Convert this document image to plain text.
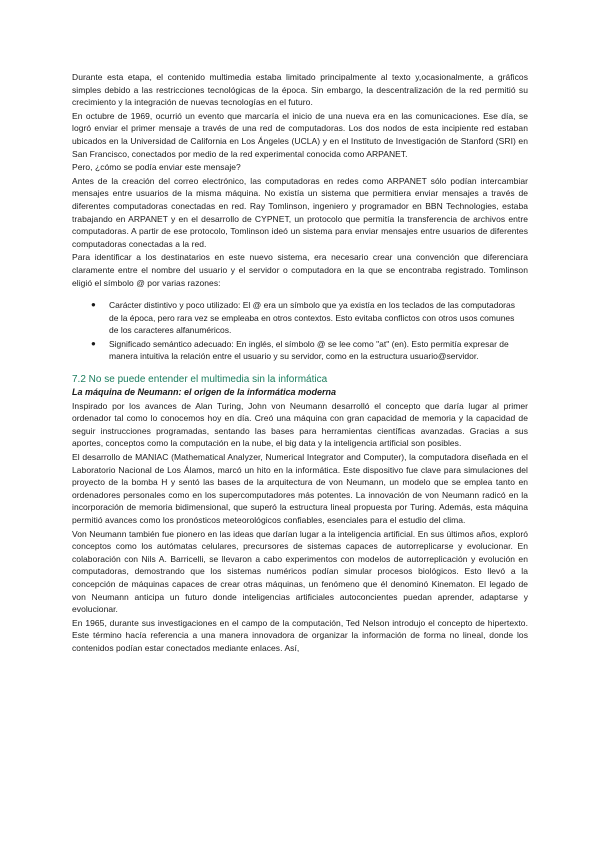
Durante esta etapa, el contenido multimedia estaba limitado principalmente al texto y,ocasionalmente, a gráficos simples debido a las restricciones tecnológicas de la época. Sin embargo, la descentralización de la red permitió su crecimiento y la integración de nuevas tecnologías en el futuro.

En octubre de 1969, ocurrió un evento que marcaría el inicio de una nueva era en las comunicaciones. Ese día, se logró enviar el primer mensaje a través de una red de computadoras. Los dos nodos de esta incipiente red estaban ubicados en la Universidad de California en Los Ángeles (UCLA) y en el Instituto de Investigación de Stanford (SRI) en San Francisco, conectados por medio de la red experimental conocida como ARPANET.

Pero, ¿cómo se podía enviar este mensaje?

Antes de la creación del correo electrónico, las computadoras en redes como ARPANET sólo podían intercambiar mensajes entre usuarios de la misma máquina. No existía un sistema que permitiera enviar mensajes a través de diferentes computadoras conectadas en red. Ray Tomlinson, ingeniero y programador en BBN Technologies, estaba trabajando en ARPANET y en el desarrollo de CYPNET, un protocolo que permitía la transferencia de archivos entre computadoras. A partir de ese protocolo, Tomlinson ideó un sistema para enviar mensajes entre usuarios de diferentes computadoras conectadas a la red.

Para identificar a los destinatarios en este nuevo sistema, era necesario crear una convención que diferenciara claramente entre el nombre del usuario y el servidor o computadora en la que se encontraba registrado. Tomlinson eligió el símbolo @ por varias razones:

● Carácter distintivo y poco utilizado: El @ era un símbolo que ya existía en los teclados de las computadoras de la época, pero rara vez se empleaba en otros contextos. Esto evitaba conflictos con otros usos comunes de los caracteres alfanuméricos.
● Significado semántico adecuado: En inglés, el símbolo @ se lee como "at" (en). Esto permitía expresar de manera intuitiva la relación entre el usuario y su servidor, como en la estructura usuario@servidor.
7.2 No se puede entender el multimedia sin la informática
La máquina de Neumann: el origen de la informática moderna

Inspirado por los avances de Alan Turing, John von Neumann desarrolló el concepto que daría lugar al primer ordenador tal como lo conocemos hoy en día. Creó una máquina con gran capacidad de memoria y la capacidad de seguir instrucciones programadas, sentando las bases para herramientas científicas avanzadas. Gracias a sus aportes, conceptos como la computación en la nube, el big data y la inteligencia artificial son posibles.

El desarrollo de MANIAC (Mathematical Analyzer, Numerical Integrator and Computer), la computadora diseñada en el Laboratorio Nacional de Los Álamos, marcó un hito en la informática. Este dispositivo fue clave para simulaciones del proyecto de la bomba H y sentó las bases de la arquitectura de von Neumann, un modelo que se emplea tanto en ordenadores personales como en los supercomputadores más potentes. La innovación de von Neumann radicó en la incorporación de memoria bidimensional, que superó la estructura lineal propuesta por Turing. Además, esta máquina permitió avances como los pronósticos meteorológicos confiables, esenciales para el estudio del clima.

Von Neumann también fue pionero en las ideas que darían lugar a la inteligencia artificial. En sus últimos años, exploró conceptos como los autómatas celulares, precursores de sistemas capaces de autorreplicarse y evolucionar. En colaboración con Nils A. Barricelli, se llevaron a cabo experimentos con modelos de autorreplicación y evolución en computadoras, demostrando que los sistemas numéricos podían simular procesos biológicos. Esto llevó a la concepción de máquinas capaces de crear otras máquinas, un fenómeno que él denominó Kinematon. El legado de von Neumann anticipa un futuro donde inteligencias artificiales autoconcientes puedan aprender, adaptarse y evolucionar.

En 1965, durante sus investigaciones en el campo de la computación, Ted Nelson introdujo el concepto de hipertexto. Este término hacía referencia a una manera innovadora de organizar la información de forma no lineal, donde los contenidos podían estar conectados mediante enlaces. Así,
